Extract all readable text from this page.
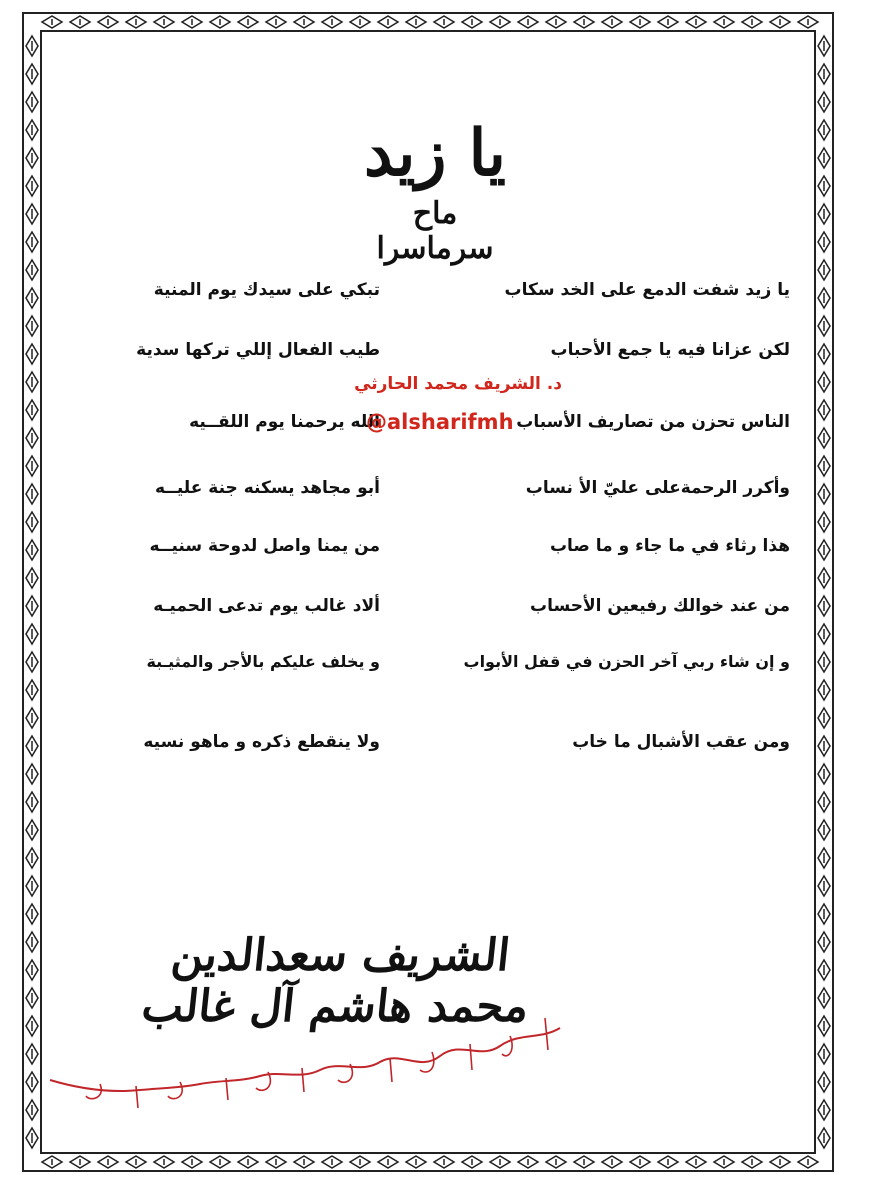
يا زيد
ماح سرماسرا
يا زيد شفت الدمع على الخد سكاب
تبكي على سيدك يوم المنية
لكن عزانا فيه يا جمع الأحباب
طيب الفعال إللي تركها سدية
الناس تحزن من تصاريف الأسباب
الله يرحمنا يوم اللقــيه
وأكرر الرحمةعلى عليّ الأ نساب
أبو مجاهد يسكنه جنة عليــه
هذا رثاء في ما جاء و ما صاب
من يمنا واصل لدوحة سنيــه
من عند خوالك رفيعين الأحساب
ألاد غالب يوم تدعى الحميـه
و إن شاء ربي آخر الحزن في قفل الأبواب
و يخلف عليكم بالأجر والمثيـبة
ومن عقب الأشبال ما خاب
ولا ينقطع ذكره و ماهو نسيه
د. الشريف محمد الحارثي
@alsharifmh
الشريف سعدالدين محمد هاشم آل غالب
